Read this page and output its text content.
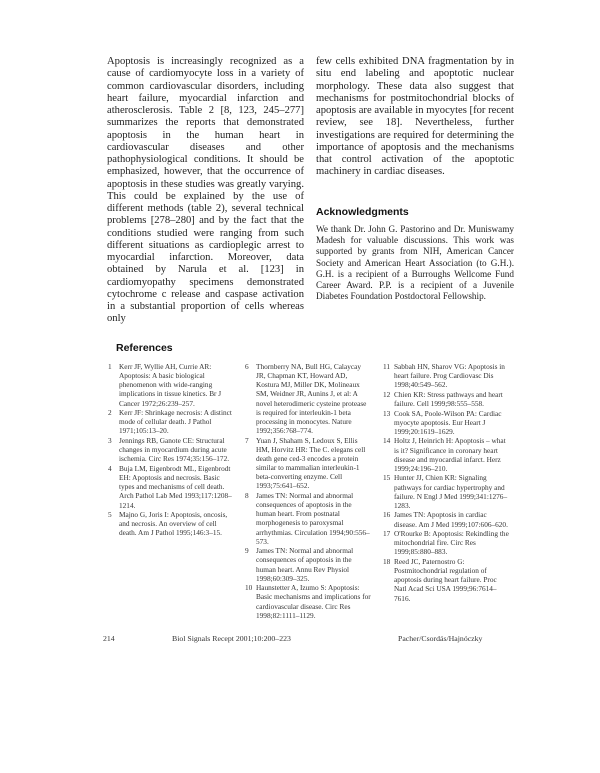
Apoptosis is increasingly recognized as a cause of cardiomyocyte loss in a variety of common cardiovascular disorders, including heart failure, myocardial infarction and atherosclerosis. Table 2 [8, 123, 245–277] summarizes the reports that demonstrated apoptosis in the human heart in cardiovascular diseases and other pathophysiological conditions. It should be emphasized, however, that the occurrence of apoptosis in these studies was greatly varying. This could be explained by the use of different methods (table 2), several technical problems [278–280] and by the fact that the conditions studied were ranging from such different situations as cardioplegic arrest to myocardial infarction. Moreover, data obtained by Narula et al. [123] in cardiomyopathy specimens demonstrated cytochrome c release and caspase activation in a substantial proportion of cells whereas only
few cells exhibited DNA fragmentation by in situ end labeling and apoptotic nuclear morphology. These data also suggest that mechanisms for postmitochondrial blocks of apoptosis are available in myocytes [for recent review, see 18]. Nevertheless, further investigations are required for determining the importance of apoptosis and the mechanisms that control activation of the apoptotic machinery in cardiac diseases.
Acknowledgments
We thank Dr. John G. Pastorino and Dr. Muniswamy Madesh for valuable discussions. This work was supported by grants from NIH, American Cancer Society and American Heart Association (to G.H.). G.H. is a recipient of a Burroughs Wellcome Fund Career Award. P.P. is a recipient of a Juvenile Diabetes Foundation Postdoctoral Fellowship.
References
1	Kerr JF, Wyllie AH, Currie AR: Apoptosis: A basic biological phenomenon with wide-ranging implications in tissue kinetics. Br J Cancer 1972;26:239–257.
2	Kerr JF: Shrinkage necrosis: A distinct mode of cellular death. J Pathol 1971;105:13–20.
3	Jennings RB, Ganote CE: Structural changes in myocardium during acute ischemia. Circ Res 1974;35:156–172.
4	Buja LM, Eigenbrodt ML, Eigenbrodt EH: Apoptosis and necrosis. Basic types and mechanisms of cell death. Arch Pathol Lab Med 1993;117:1208–1214.
5	Majno G, Joris I: Apoptosis, oncosis, and necrosis. An overview of cell death. Am J Pathol 1995;146:3–15.
6	Thornberry NA, Bull HG, Calaycay JR, Chapman KT, Howard AD, Kostura MJ, Miller DK, Molineaux SM, Weidner JR, Aunins J, et al: A novel heterodimeric cysteine protease is required for interleukin-1 beta processing in monocytes. Nature 1992;356:768–774.
7	Yuan J, Shaham S, Ledoux S, Ellis HM, Horvitz HR: The C. elegans cell death gene ced-3 encodes a protein similar to mammalian interleukin-1 beta-converting enzyme. Cell 1993;75:641–652.
8	James TN: Normal and abnormal consequences of apoptosis in the human heart. From postnatal morphogenesis to paroxysmal arrhythmias. Circulation 1994;90:556–573.
9	James TN: Normal and abnormal consequences of apoptosis in the human heart. Annu Rev Physiol 1998;60:309–325.
10 Haunstetter A, Izumo S: Apoptosis: Basic mechanisms and implications for cardiovascular disease. Circ Res 1998;82:1111–1129.
11 Sabbah HN, Sharov VG: Apoptosis in heart failure. Prog Cardiovasc Dis 1998;40:549–562.
12 Chien KR: Stress pathways and heart failure. Cell 1999;98:555–558.
13 Cook SA, Poole-Wilson PA: Cardiac myocyte apoptosis. Eur Heart J 1999;20:1619–1629.
14 Holtz J, Heinrich H: Apoptosis – what is it? Significance in coronary heart disease and myocardial infarct. Herz 1999;24:196–210.
15 Hunter JJ, Chien KR: Signaling pathways for cardiac hypertrophy and failure. N Engl J Med 1999;341:1276–1283.
16 James TN: Apoptosis in cardiac disease. Am J Med 1999;107:606–620.
17 O'Rourke B: Apoptosis: Rekindling the mitochondrial fire. Circ Res 1999;85:880–883.
18 Reed JC, Paternostro G: Postmitochondrial regulation of apoptosis during heart failure. Proc Natl Acad Sci USA 1999;96:7614–7616.
214	Biol Signals Recept 2001;10:200–223	Pacher/Csordás/Hajnóczky
